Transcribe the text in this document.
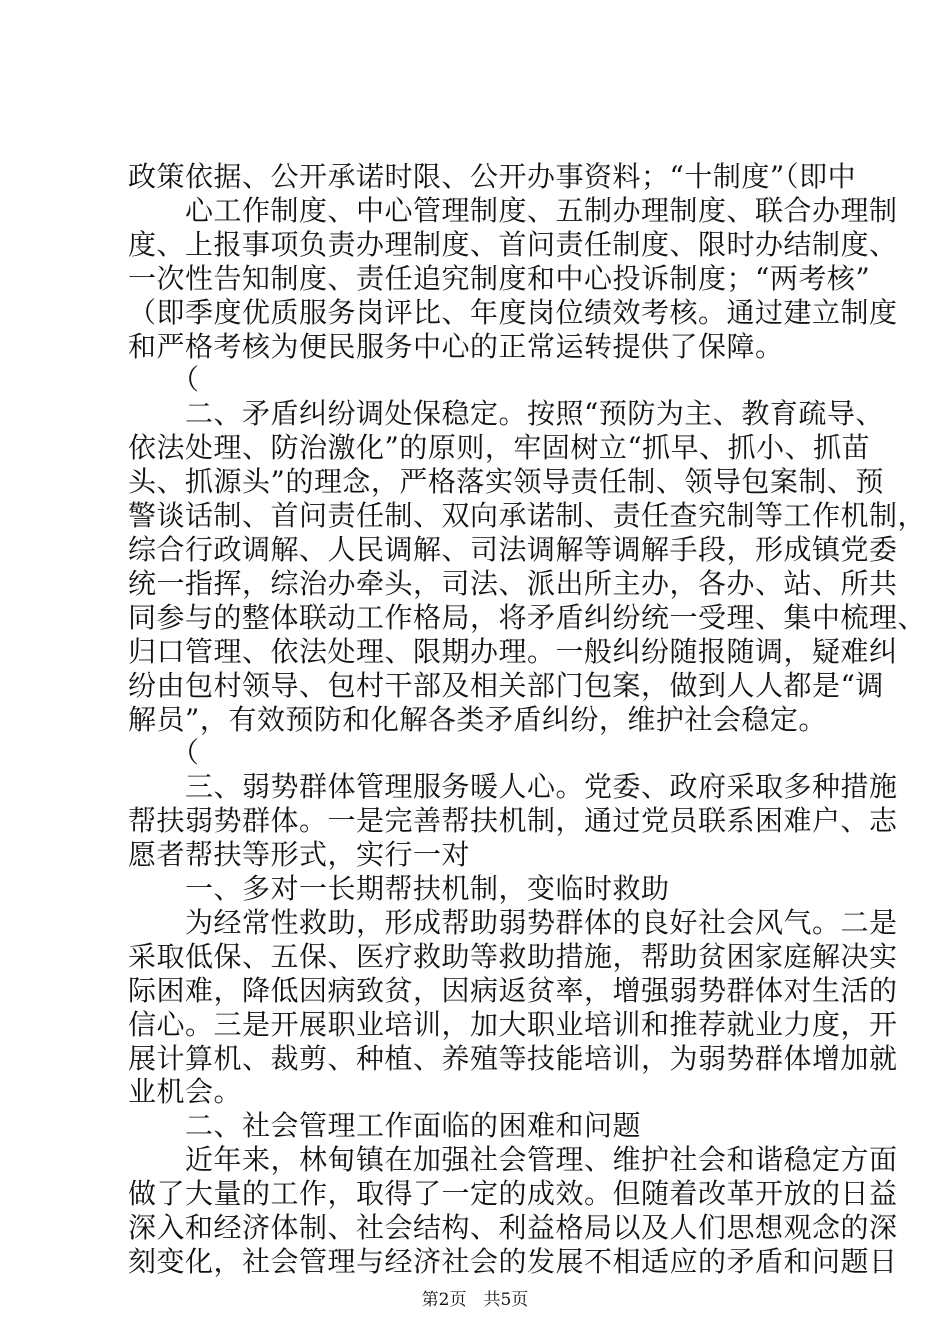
政策依据、公开承诺时限、公开办事资料；“十制度”（即中
　　心工作制度、中心管理制度、五制办理制度、联合办理制
度、上报事项负责办理制度、首问责任制度、限时办结制度、
一次性告知制度、责任追究制度和中心投诉制度；“两考核”
（即季度优质服务岗评比、年度岗位绩效考核。通过建立制度
和严格考核为便民服务中心的正常运转提供了保障。
　　（
　　二、矛盾纠纷调处保稳定。按照“预防为主、教育疏导、
依法处理、防治激化”的原则，牢固树立“抓早、抓小、抓苗
头、抓源头”的理念，严格落实领导责任制、领导包案制、预
警谈话制、首问责任制、双向承诺制、责任查究制等工作机制，
综合行政调解、人民调解、司法调解等调解手段，形成镇党委
统一指挥，综治办牵头，司法、派出所主办，各办、站、所共
同参与的整体联动工作格局，将矛盾纠纷统一受理、集中梳理、
归口管理、依法处理、限期办理。一般纠纷随报随调，疑难纠
纷由包村领导、包村干部及相关部门包案，做到人人都是“调
解员”，有效预防和化解各类矛盾纠纷，维护社会稳定。
　　（
　　三、弱势群体管理服务暖人心。党委、政府采取多种措施
帮扶弱势群体。一是完善帮扶机制，通过党员联系困难户、志
愿者帮扶等形式，实行一对
　　一、多对一长期帮扶机制，变临时救助
　　为经常性救助，形成帮助弱势群体的良好社会风气。二是
采取低保、五保、医疗救助等救助措施，帮助贫困家庭解决实
际困难，降低因病致贫，因病返贫率，增强弱势群体对生活的
信心。三是开展职业培训，加大职业培训和推荐就业力度，开
展计算机、裁剪、种植、养殖等技能培训，为弱势群体增加就
业机会。
　　二、社会管理工作面临的困难和问题
　　近年来，林甸镇在加强社会管理、维护社会和谐稳定方面
做了大量的工作，取得了一定的成效。但随着改革开放的日益
深入和经济体制、社会结构、利益格局以及人们思想观念的深
刻变化，社会管理与经济社会的发展不相适应的矛盾和问题日
第2页　共5页
